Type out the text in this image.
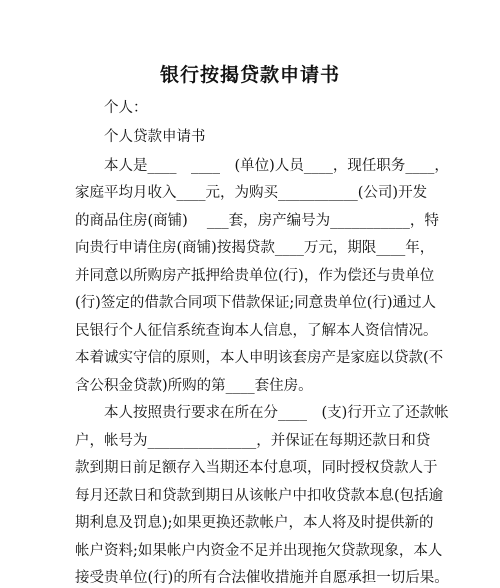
银行按揭贷款申请书
个人：
个人贷款申请书
本人是____　____　(单位)人员____，现任职务____，
家庭平均月收入____元，为购买___________(公司)开发
的商品住房(商铺)　 ___套，房产编号为___________，特
向贵行申请住房(商铺)按揭贷款____万元，期限____年，
并同意以所购房产抵押给贵单位(行)，作为偿还与贵单位
(行)签定的借款合同项下借款保证;同意贵单位(行)通过人
民银行个人征信系统查询本人信息，了解本人资信情况。
本着诚实守信的原则，本人申明该套房产是家庭以贷款(不
含公积金贷款)所购的第____套住房。
本人按照贵行要求在所在分____　(支)行开立了还款帐
户，帐号为_______________，并保证在每期还款日和贷
款到期日前足额存入当期还本付息项，同时授权贷款人于
每月还款日和贷款到期日从该帐户中扣收贷款本息(包括逾
期利息及罚息);如果更换还款帐户，本人将及时提供新的
帐户资料;如果帐户内资金不足并出现拖欠贷款现象，本人
接受贵单位(行)的所有合法催收措施并自愿承担一切后果。
